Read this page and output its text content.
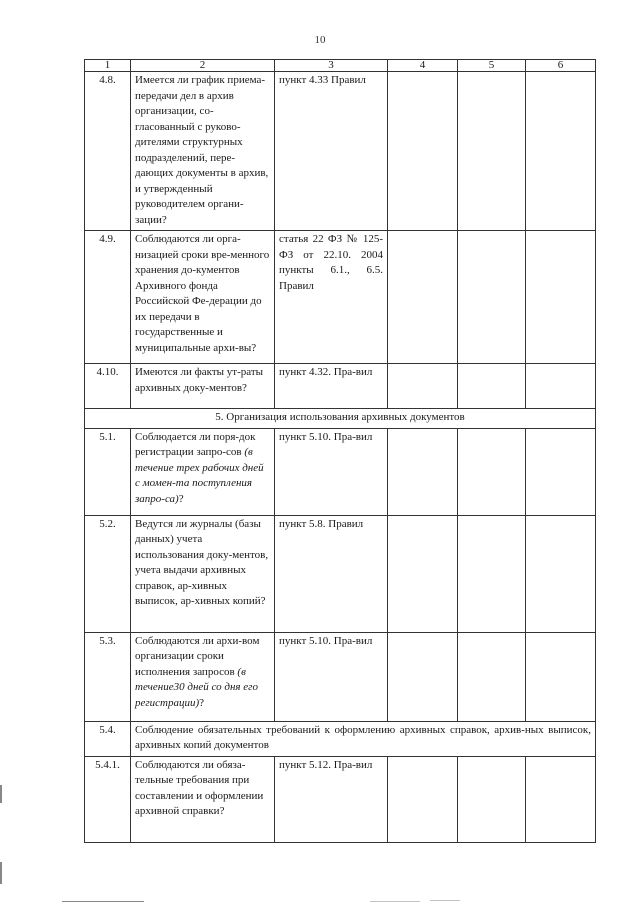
10
1	2	3	4	5	6
4.8.	Имеется ли график приема-передачи дел в архив организации, со-гласованный с руково-дителями структурных подразделений, пере-дающих документы в архив, и утвержденный руководителем органи-зации?	пункт 4.33 Правил			
4.9.	Соблюдаются ли орга-низацией сроки вре-менного хранения до-кументов Архивного фонда Российской Фе-дерации до их передачи в государственные и муниципальные архи-вы?	статья 22 ФЗ № 125-ФЗ от 22.10. 2004 пункты 6.1., 6.5. Правил			
4.10.	Имеются ли факты ут-раты архивных доку-ментов?	пункт 4.32. Пра-вил			
5. Организация использования архивных документов					
5.1.	Соблюдается ли поря-док регистрации запро-сов (в течение трех рабочих дней с момен-та поступления запро-са)?	пункт 5.10. Пра-вил			
5.2.	Ведутся ли журналы (базы данных) учета использования доку-ментов, учета выдачи архивных справок, ар-хивных выписок, ар-хивных копий?	пункт 5.8. Правил			
5.3.	Соблюдаются ли архи-вом организации сроки исполнения запросов (в течение30 дней со дня его регистрации)?	пункт 5.10. Пра-вил			
5.4.	Соблюдение обязательных требований к оформлению архивных справок, архив-ных выписок, архивных копий документов				
5.4.1.	Соблюдаются ли обяза-тельные требования при составлении и оформлении архивной справки?	пункт 5.12. Пра-вил			
